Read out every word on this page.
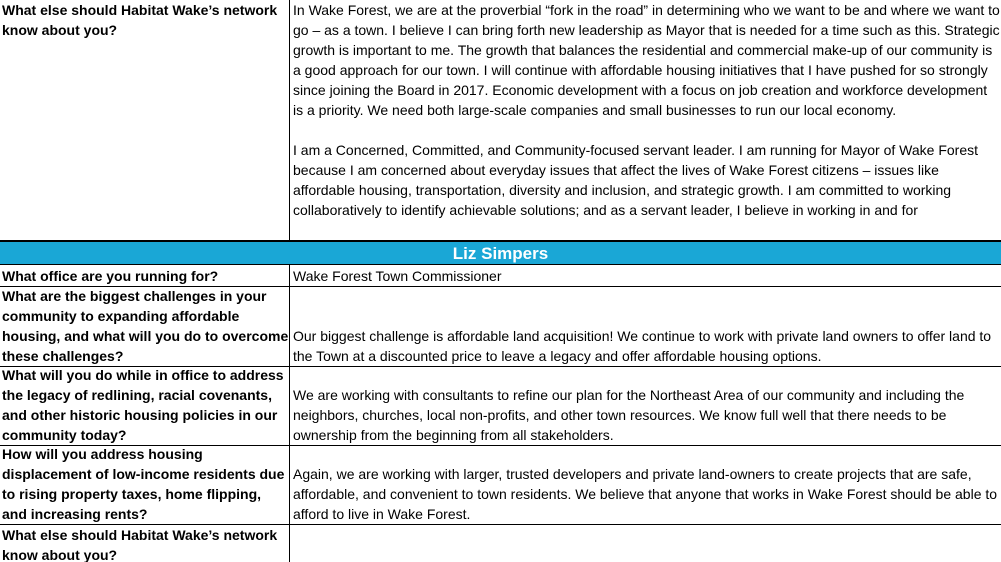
What else should Habitat Wake’s network know about you?

In Wake Forest, we are at the proverbial “fork in the road” in determining who we want to be and where we want to go – as a town. I believe I can bring forth new leadership as Mayor that is needed for a time such as this. Strategic growth is important to me. The growth that balances the residential and commercial make-up of our community is a good approach for our town. I will continue with affordable housing initiatives that I have pushed for so strongly since joining the Board in 2017. Economic development with a focus on job creation and workforce development is a priority. We need both large-scale companies and small businesses to run our local economy.

I am a Concerned, Committed, and Community-focused servant leader. I am running for Mayor of Wake Forest because I am concerned about everyday issues that affect the lives of Wake Forest citizens – issues like affordable housing, transportation, diversity and inclusion, and strategic growth. I am committed to working collaboratively to identify achievable solutions; and as a servant leader, I believe in working in and for

Liz Simpers
What office are you running for?	Wake Forest Town Commissioner
What are the biggest challenges in your community to expanding affordable housing, and what will you do to overcome these challenges?
Our biggest challenge is affordable land acquisition! We continue to work with private land owners to offer land to the Town at a discounted price to leave a legacy and offer affordable housing options.
What will you do while in office to address the legacy of redlining, racial covenants, and other historic housing policies in our community today?
We are working with consultants to refine our plan for the Northeast Area of our community and including the neighbors, churches, local non-profits, and other town resources. We know full well that there needs to be ownership from the beginning from all stakeholders.
How will you address housing displacement of low-income residents due to rising property taxes, home flipping, and increasing rents?
Again, we are working with larger, trusted developers and private land-owners to create projects that are safe, affordable, and convenient to town residents. We believe that anyone that works in Wake Forest should be able to afford to live in Wake Forest.
What else should Habitat Wake’s network know about you?
